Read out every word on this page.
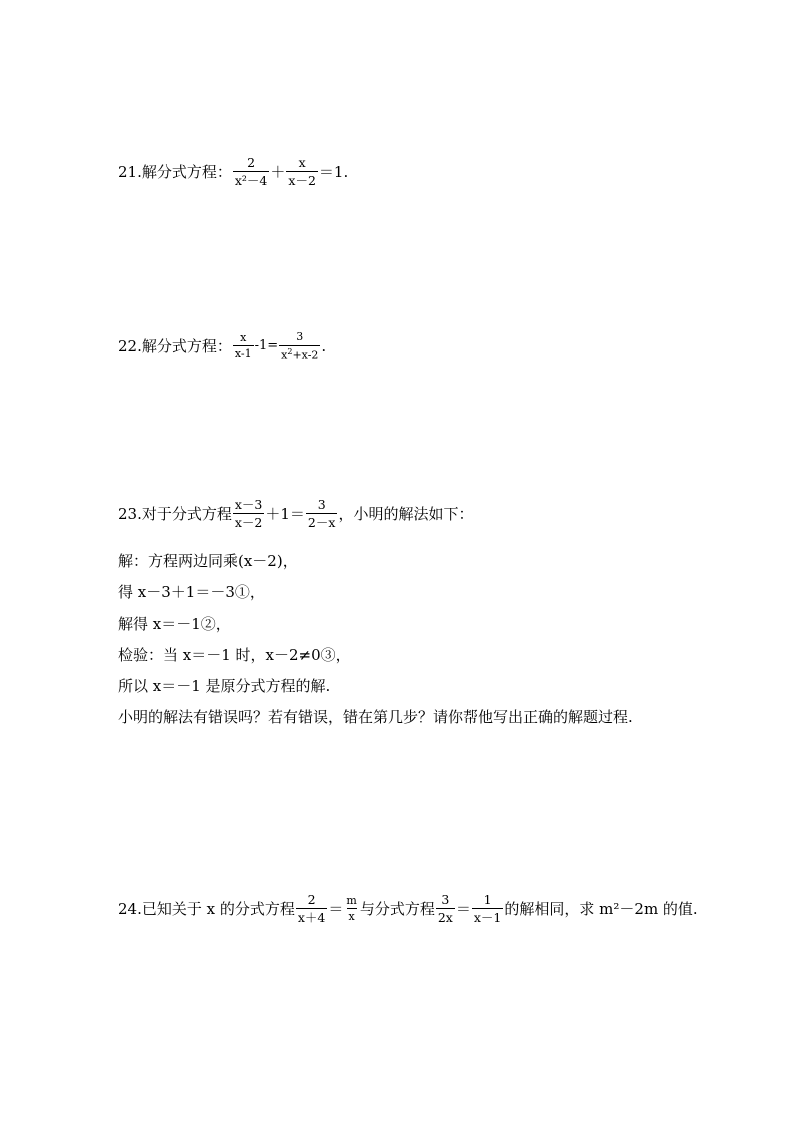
21.解分式方程： $\frac{2}{\text{x²－4}} + \frac{x}{x-2} =1$.
22.解分式方程： $\frac{x}{x-1} -1= \frac{3}{x^2+x-2}$ .
23.对于分式方程 $\frac{x-3}{x-2} +1= \frac{3}{2-x}$ ，小明的解法如下：
解：方程两边同乘(x－2)，
得 x－3＋1＝－3①，
解得 x＝－1②，
检验：当 x＝－1 时，x－2≠0③，
所以 x＝－1 是原分式方程的解.
小明的解法有错误吗？若有错误，错在第几步？请你帮他写出正确的解题过程.
24.已知关于 x 的分式方程 $\frac{2}{x+4} = \frac{m}{x}$ 与分式方程 $\frac{3}{2x} = \frac{1}{x-1}$ 的解相同，求 m²－2m 的值.
